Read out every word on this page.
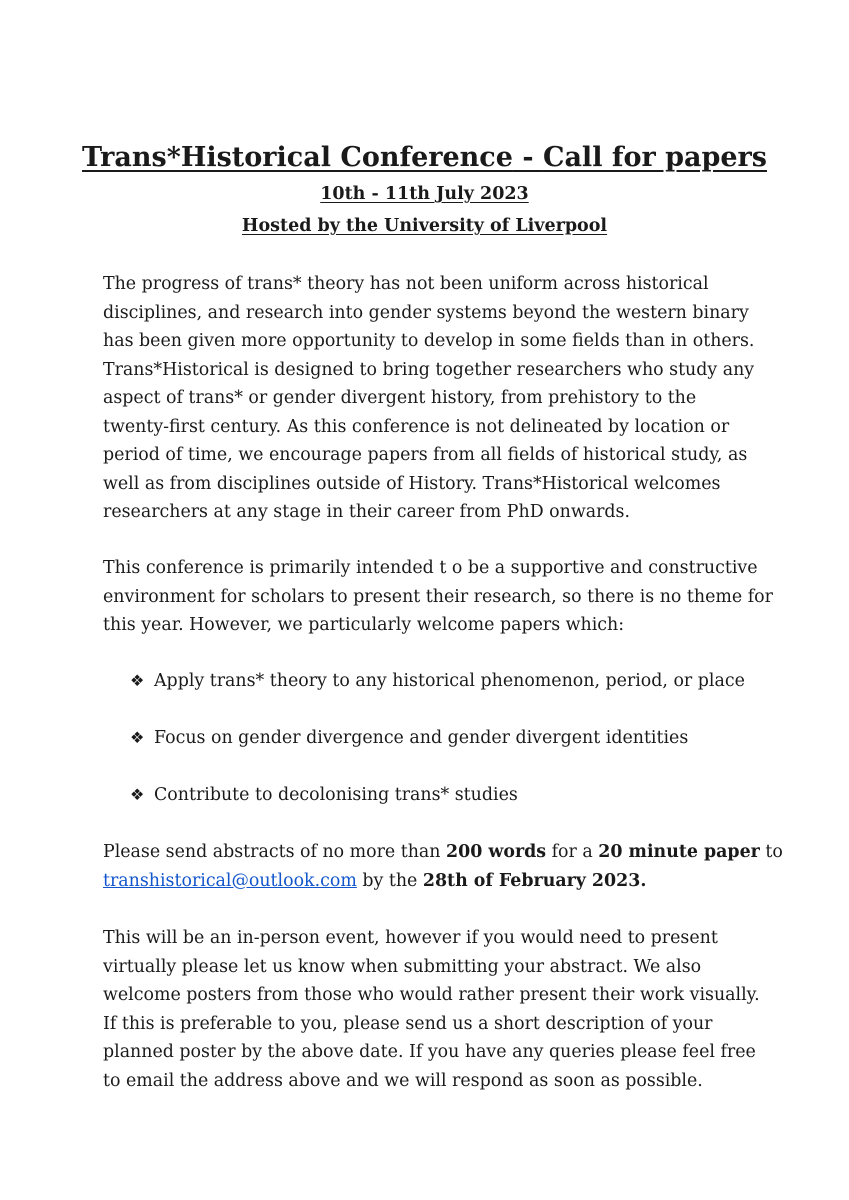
Trans*Historical Conference - Call for papers

10th - 11th July 2023

Hosted by the University of Liverpool

The progress of trans* theory has not been uniform across historical
disciplines, and research into gender systems beyond the western binary
has been given more opportunity to develop in some fields than in others.
Trans*Historical is designed to bring together researchers who study any
aspect of trans* or gender divergent history, from prehistory to the
twenty-first century. As this conference is not delineated by location or
period of time, we encourage papers from all fields of historical study, as
well as from disciplines outside of History. Trans*Historical welcomes
researchers at any stage in their career from PhD onwards.

This conference is primarily intended t o be a supportive and constructive
environment for scholars to present their research, so there is no theme for
this year. However, we particularly welcome papers which:

❖ Apply trans* theory to any historical phenomenon, period, or place
❖ Focus on gender divergence and gender divergent identities
❖ Contribute to decolonising trans* studies

Please send abstracts of no more than 200 words for a 20 minute paper to
transhistorical@outlook.com by the 28th of February 2023.

This will be an in-person event, however if you would need to present
virtually please let us know when submitting your abstract. We also
welcome posters from those who would rather present their work visually.
If this is preferable to you, please send us a short description of your
planned poster by the above date. If you have any queries please feel free
to email the address above and we will respond as soon as possible.
